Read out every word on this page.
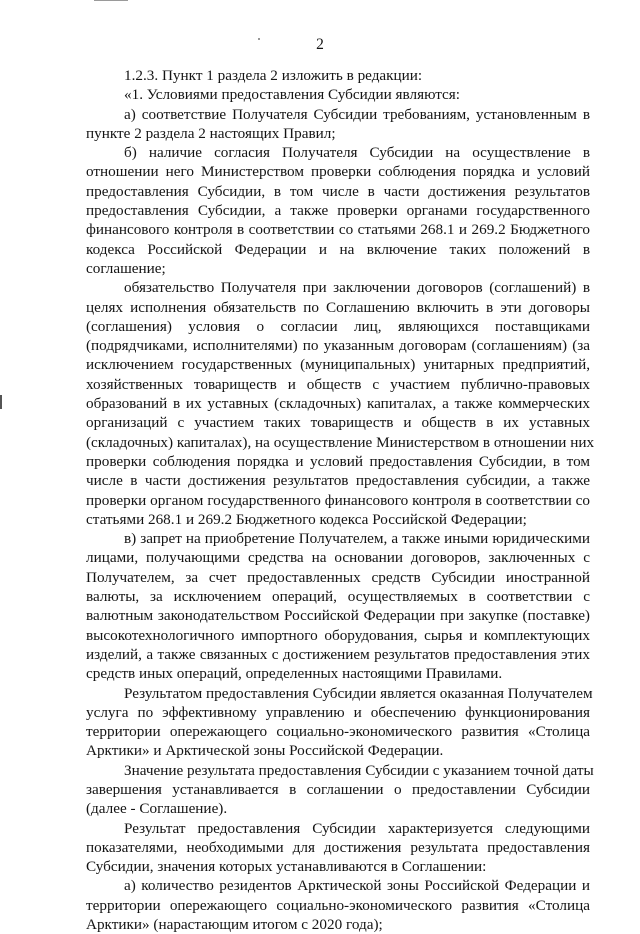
2

1.2.3. Пункт 1 раздела 2 изложить в редакции:

«1. Условиями предоставления Субсидии являются:

а) соответствие Получателя Субсидии требованиям, установленным в
пункте 2 раздела 2 настоящих Правил;

б) наличие согласия Получателя Субсидии на осуществление в
отношении него Министерством проверки соблюдения порядка и условий
предоставления Субсидии, в том числе в части достижения результатов
предоставления Субсидии, а также проверки органами государственного
финансового контроля в соответствии со статьями 268.1 и 269.2 Бюджетного
кодекса Российской Федерации и на включение таких положений в
соглашение;

обязательство Получателя при заключении договоров (соглашений) в
целях исполнения обязательств по Соглашению включить в эти договоры
(соглашения) условия о согласии лиц, являющихся поставщиками
(подрядчиками, исполнителями) по указанным договорам (соглашениям) (за
исключением государственных (муниципальных) унитарных предприятий,
хозяйственных товариществ и обществ с участием публично-правовых
образований в их уставных (складочных) капиталах, а также коммерческих
организаций с участием таких товариществ и обществ в их уставных
(складочных) капиталах), на осуществление Министерством в отношении них
проверки соблюдения порядка и условий предоставления Субсидии, в том
числе в части достижения результатов предоставления субсидии, а также
проверки органом государственного финансового контроля в соответствии со
статьями 268.1 и 269.2 Бюджетного кодекса Российской Федерации;

в) запрет на приобретение Получателем, а также иными юридическими
лицами, получающими средства на основании договоров, заключенных с
Получателем, за счет предоставленных средств Субсидии иностранной
валюты, за исключением операций, осуществляемых в соответствии с
валютным законодательством Российской Федерации при закупке (поставке)
высокотехнологичного импортного оборудования, сырья и комплектующих
изделий, а также связанных с достижением результатов предоставления этих
средств иных операций, определенных настоящими Правилами.

Результатом предоставления Субсидии является оказанная Получателем
услуга по эффективному управлению и обеспечению функционирования
территории опережающего социально-экономического развития «Столица
Арктики» и Арктической зоны Российской Федерации.

Значение результата предоставления Субсидии с указанием точной даты
завершения устанавливается в соглашении о предоставлении Субсидии
(далее - Соглашение).

Результат предоставления Субсидии характеризуется следующими
показателями, необходимыми для достижения результата предоставления
Субсидии, значения которых устанавливаются в Соглашении:

а) количество резидентов Арктической зоны Российской Федерации и
территории опережающего социально-экономического развития «Столица
Арктики» (нарастающим итогом с 2020 года);
